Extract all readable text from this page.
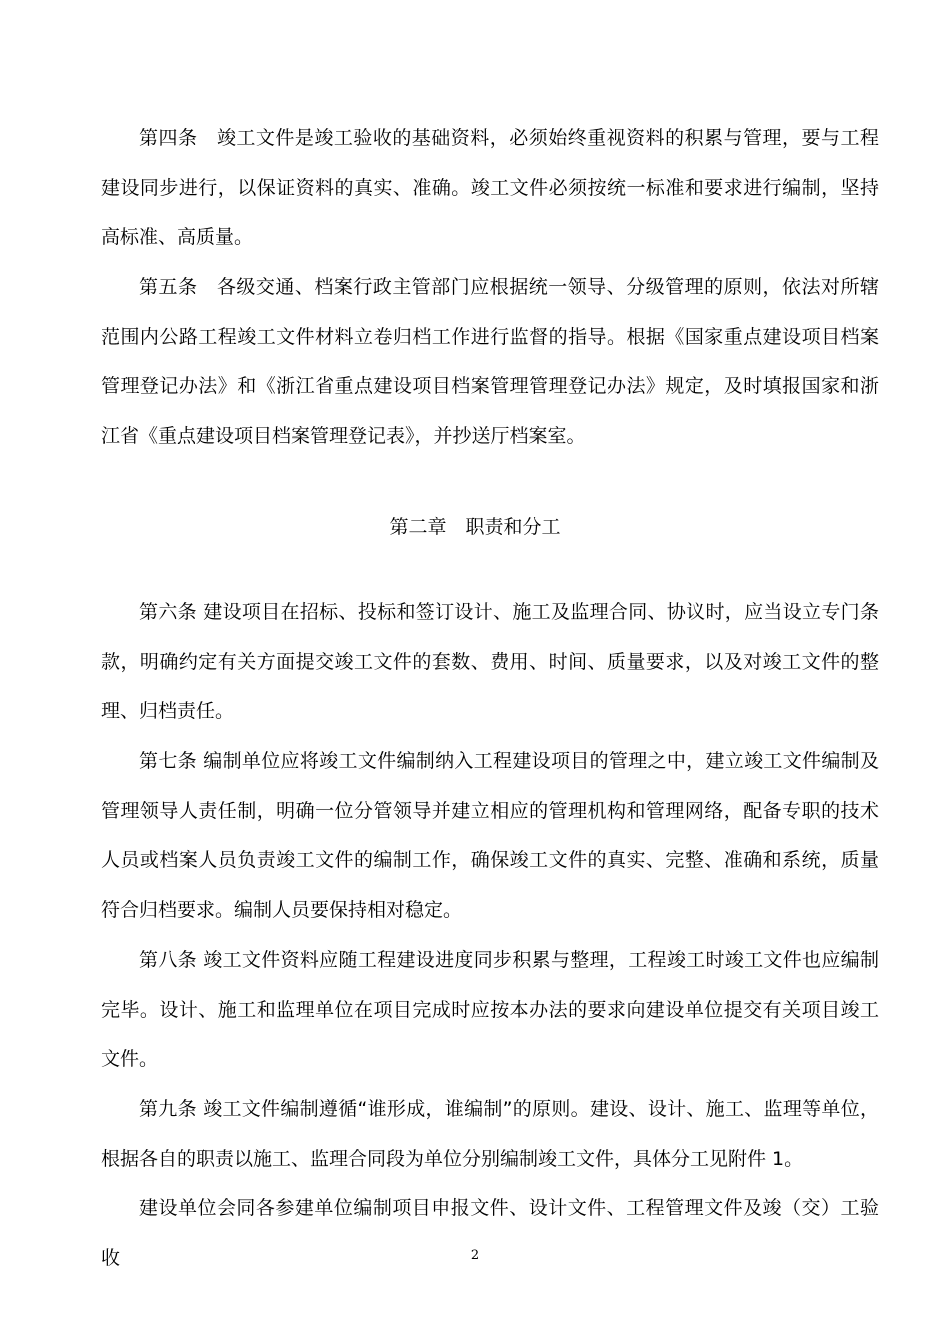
第四条　竣工文件是竣工验收的基础资料，必须始终重视资料的积累与管理，要与工程建设同步进行，以保证资料的真实、准确。竣工文件必须按统一标准和要求进行编制，坚持高标准、高质量。

第五条　各级交通、档案行政主管部门应根据统一领导、分级管理的原则，依法对所辖范围内公路工程竣工文件材料立卷归档工作进行监督的指导。根据《国家重点建设项目档案管理登记办法》和《浙江省重点建设项目档案管理管理登记办法》规定，及时填报国家和浙江省《重点建设项目档案管理登记表》，并抄送厅档案室。

第二章　职责和分工

第六条 建设项目在招标、投标和签订设计、施工及监理合同、协议时，应当设立专门条款，明确约定有关方面提交竣工文件的套数、费用、时间、质量要求，以及对竣工文件的整理、归档责任。

第七条 编制单位应将竣工文件编制纳入工程建设项目的管理之中，建立竣工文件编制及管理领导人责任制，明确一位分管领导并建立相应的管理机构和管理网络，配备专职的技术人员或档案人员负责竣工文件的编制工作，确保竣工文件的真实、完整、准确和系统，质量符合归档要求。编制人员要保持相对稳定。

第八条 竣工文件资料应随工程建设进度同步积累与整理，工程竣工时竣工文件也应编制完毕。设计、施工和监理单位在项目完成时应按本办法的要求向建设单位提交有关项目竣工文件。

第九条 竣工文件编制遵循“谁形成，谁编制”的原则。建设、设计、施工、监理等单位，根据各自的职责以施工、监理合同段为单位分别编制竣工文件，具体分工见附件 1。

建设单位会同各参建单位编制项目申报文件、设计文件、工程管理文件及竣（交）工验收	2
